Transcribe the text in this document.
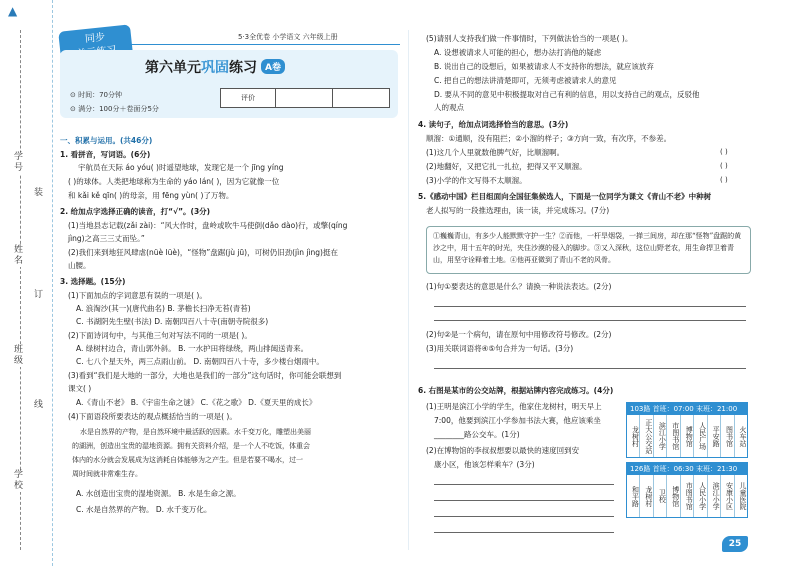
▲
学号
姓名
班级
学校
装
订
线
同步	5·3全优卷 小学语文 六年级上册
第六单元巩固练习 A卷
⊙ 时间：70分钟
⊙ 满分：100分＋卷面分5分
评价		
一、积累与运用。(共46分)
1. 看拼音，写词语。(6分)
宇航员在天际 áo yóu( )时遥望地球，发现它是一个 jīng yíng
( )的球体。人类把地球称为生命的 yáo lán( )，因为它就像一位
和 kǎi kě qīn( )的母亲，用 fēng yùn( )了万物。
2. 给加点字选择正确的读音，打“√”。(3分)
(1)当地县志记载(zǎi zài)：“风大作时，盘岭或吹牛马使倒(dǎo dào)行，或擎(qíng
jìng)之高三三丈而坠。”
(2)我们来到地狂风肆虐(nüè lüè)，“怪物”盘踞(jù jū)，可树仍旧劲(jìn jìng)挺在
山腰。
3. 选择题。(15分)
(1)下面加点的字词意思有误的一项是( )。
A. 浪淘沙(其一)(唐代曲名) B. 茅檐长扫净无苔(青苔)
C. 书湖阴先生壁(书法) D. 南朝四百八十寺(南朝寺院很多)
(2)下面诗词句中，与其他三句对写法不同的一项是( )。
A. 绿树村边合，青山郭外斜。 B. 一水护田将绿绕，两山排闼送青来。
C. 七八个星天外，两三点雨山前。 D. 南朝四百八十寺，多少楼台烟雨中。
(3)看到“我们是大地的一部分，大地也是我们的一部分”这句话时，你可能会联想到
课文( )
A.《青山不老》 B.《宇宙生命之谜》 C.《花之歌》 D.《夏天里的成长》
(4)下面语段所要表达的观点概括恰当的一项是( )。
水是自然界的产物，是自然环境中最活跃的因素。水千变万化，雕塑出美丽
的湖洲，创造出宝贵的湿地资源。拥有关资料介绍，是一个人不吃饭，体重会
体内的水分就会发展成为这消耗自体能够为之产生。但是若要不喝水，过一
周时间就非常难生存。
A. 水创造出宝贵的湿地资源。 B. 水是生命之源。
C. 水是自然界的产物。 D. 水千变万化。
(5)请别人支持我们做一件事情时，下列做法恰当的一项是( )。
A. 设想被请求人可能的担心，想办法打消他的疑虑
B. 说出自己的设想后，如果被请求人不支持你的想法，就应该放弃
C. 把自己的想法讲清楚即可，无须考虑被请求人的意见
D. 要从不同的意见中积极提取对自己有利的信息，用以支持自己的观点，反驳他
人的观点
4. 读句子，给加点词选择恰当的意思。(3分)
顺溜：①通顺，没有阻拦；②小溜的样子；③方向一致，有次序，不参差。
(1)这几个人里就数他脾气好，比顺溜啊。
(2)地翻好，又把它扎一扎拉，把得又平又顺溜。
(3)小学的作文写得不太顺溜。
( )
( )
( )
5.《感动中国》栏目组面向全国征集候选人，下面是一位同学为课文《青山不老》中种树
老人拟写的一段推选理由，读一读，并完成练习。(7分)
①巍巍青山，有多少人能默默守护一生？②而他，一杆旱烟袋，一掸三间房，却在那“怪物”盘踞的黄沙之中，用十五年的时光，夹住沙漠的侵入的脚步。③又入深秋，这位山野老农，用生命捍卫着青山，用坚守诠释着土地。④他再亚微到了青山不老的风骨。
(1)句①要表达的意思是什么？请换一种说法表达。(2分)
(2)句②是一个病句，请在原句中用修改符号修改。(2分)
(3)用关联词语将④⑤句合并为一句话。(3分)
6. 右图是某市的公交站牌，根据站牌内容完成练习。(4分)
(1)王明是滨江小学的学生，他家住龙树村，明天早上
7:00，他要到滨江小学参加书法大赛，他应该乘坐
________路公交车。(1分)
(2)在博物馆的李叔叔想要以最快的速度回到安
康小区，他该怎样乘车？(3分)
103路 首班：07:00 末班：21:00
龙树村 正大公交站 滨江小学 市图书馆 博物馆 人民广场 平安路 图书馆 火车站
126路 首班：06:30 末班：21:30
和平路 龙树村 卫校 博物馆 市图书馆 人民小学 滨江小学 安康小区 儿童医院
25
